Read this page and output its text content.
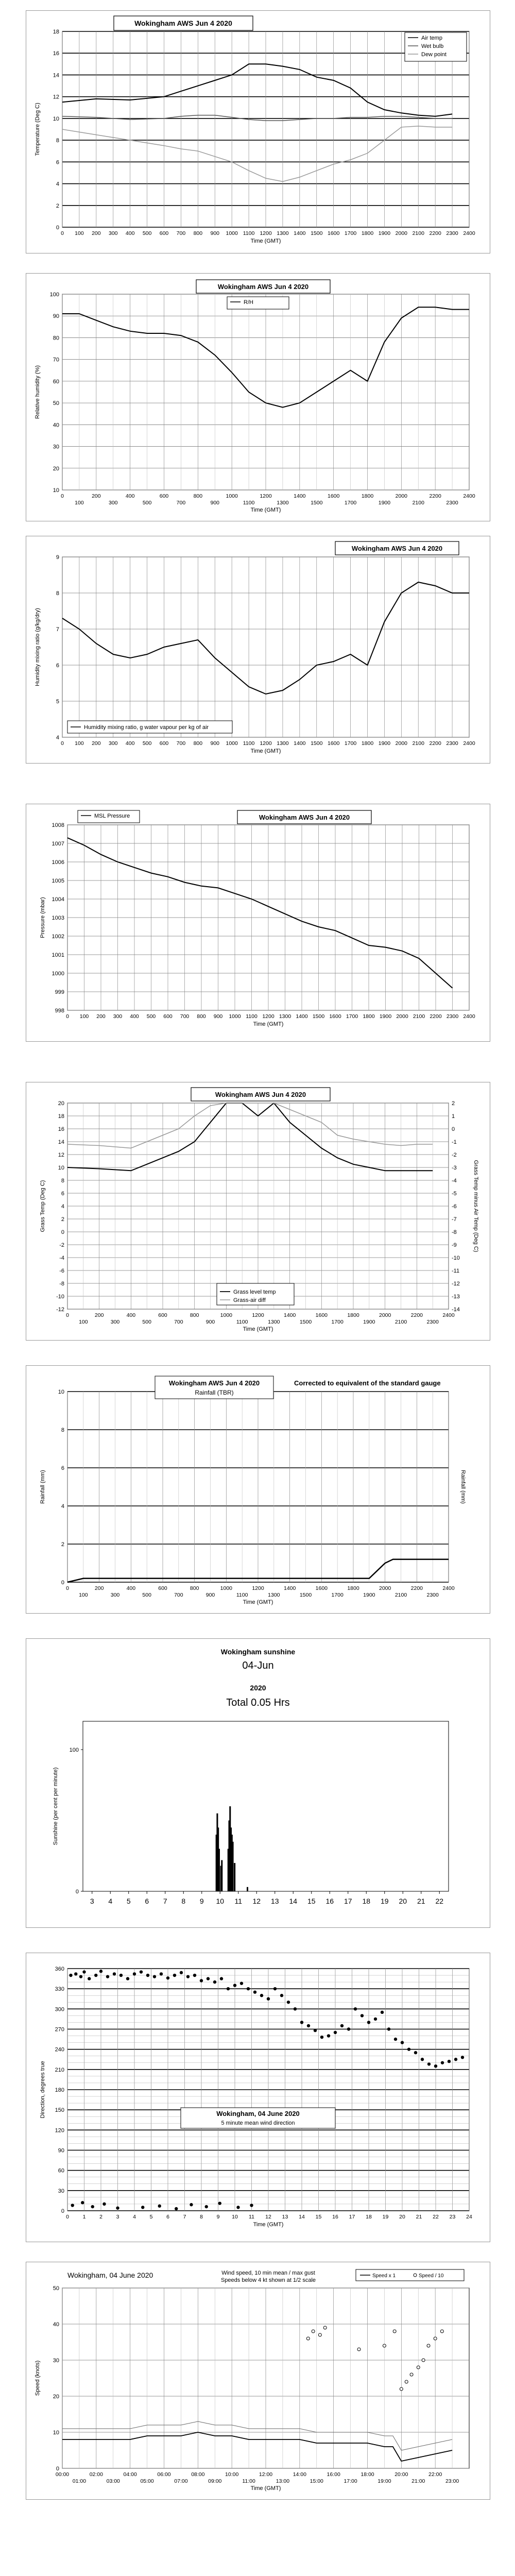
0
2
4
6
8
10
12
14
16
18
0 100 200 300 400 500 600 700 800 900 1000 1100 1200 1300 1400 1500 1600 1700 1800 1900 2000 2100 2200 2300 2400
Time (GMT)
Temperature (Deg C)
Wokingham AWS Jun 4 2020
Air temp
Wet bulb
Dew point
10
20
30
40
50
60
70
80
90
100
0	200	400	600	800	1000	1200	1400	1600	1800	2000	2200	2400
100	300	500	700	900	1100	1300	1500	1700	1900	2100	2300
Time (GMT)
Relative humidity (%)
Wokingham AWS Jun 4 2020
R/H
4
5
6
7
8
9
0 100 200 300 400 500 600 700 800 900 1000 1100 1200 1300 1400 1500 1600 1700 1800 1900 2000 2100 2200 2300 2400
Time (GMT)
Humidity mixing ratio (g/kg/dry)
Wokingham AWS Jun 4 2020
Humidity mixing ratio, g water vapour per kg of air
998
999
1000
1001
1002
1003
1004
1005
1006
1007
1008
0 100 200 300 400 500 600 700 800 900 1000 1100 1200 1300 1400 1500 1600 1700 1800 1900 2000 2100 2200 2300 2400
Time (GMT)
Pressure (mbar)
Wokingham AWS Jun 4 2020
MSL Pressure
-12
-10
-8
-6
-4
-2
0
2
4
6
8
10
12
14
16
18
20
0	200	400	600	800	1000	1200	1400	1600	1800	2000	2200	2400
100	300	500	700	900	1100	1300	1500	1700	1900	2100	2300
Time (GMT)
Grass Temp (Deg C)
-14
-13
-12
-11
-10
-9
-8
-7
-6
-5
-4
-3
-2
-1
0
1
2
Grass Temp minus Air Temp (Deg C)
Wokingham AWS Jun 4 2020
Grass level temp
Grass-air diff
0
2
4
6
8
10
0	200	400	600	800	1000	1200	1400	1600	1800	2000	2200	2400
100	300	500	700	900	1100	1300	1500	1700	1900	2100	2300
Time (GMT)
Rainfall (mm)	Rainfall (mm)
Wokingham AWS Jun 4 2020
Rainfall (TBR)
Corrected to equivalent of the standard gauge
0
100
3 4 5 6 7 8 9 10 11 12 13 14 15 16 17 18 19 20 21 22
Sunshine (per cent per minute)
Wokingham sunshine
04-Jun
2020
Total 0.05 Hrs
0
30
60
90
120
150
180
210
240
270
300
330
360
0	1	2	3	4	5	6	7	8	9 10 11 12 13 14 15 16 17 18 19 20 21 22 23 24
Time (GMT)
Direction, degrees true	Wokingham, 04 June 2020
5 minute mean wind direction
0
10
20
30
40
50
00:00	02:00	04:00	06:00	08:00	10:00	12:00	14:00	16:00	18:00	20:00	22:00
01:00	03:00	05:00	07:00	09:00	11:00	13:00	15:00	17:00	19:00	21:00	23:00
Time (GMT)
Speed (knots)
Wokingham, 04 June 2020	Wind speed, 10 min mean / max gust
Speeds below 4 kt shown at 1/2 scale
Speed x 1	Speed / 10
